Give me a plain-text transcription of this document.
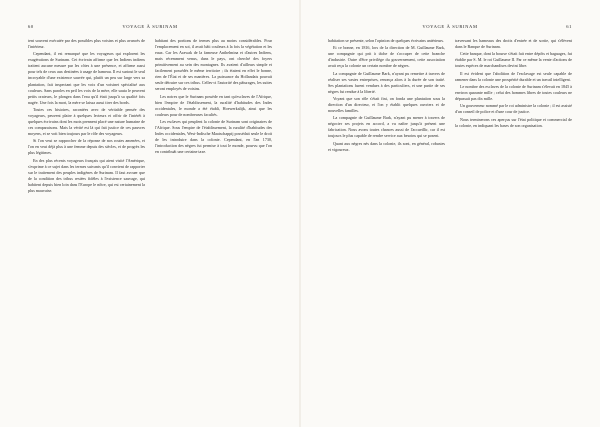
60	VOYAGE À SURINAM

tent souvent exécutée par des possibles plus voisins et plus avancés de l'intérieur.

Cependant, il est remarqué que les voyageurs qui explorent les exagérations de Surinam. Cet écrivain affirme que les Indiens indiens traitent aucune mesure par les côtes à une présence, et affirme aussi pour tels de ceux aux destinées à usage de hameau. Il est surtout le seul incroyable d'une existence sauvée qui, plutôt un peu sur large vers sa plantation, fait inspectant que les voix d'un voisinet spécialisé aux couleurs. Sans paroles en peil les voix de la mère, elle sauta le peuvent petits orateurs, le plongea dans l'eau qu'il était jusqu'à sa qualité fois nagée. Une fois la mort, la mère se laissa aussi tirer des bords.

Toutes ces histoires, racontées avec de véritable pensée des voyageurs, peuvent plaire à quelques lecteurs et offrir de l'intérêt à quelques écrivains dont les mots prennent placé une nature humaine de ces comparaisons. Mais la vérité est là qui fait justice de ces pauvres moyens, et se voit bien toujours par le rôle des voyageurs.

Si l'on veut se rapprocher de la réponse de nos routes amenées, et l'on en veut déjà plus à une femme depuis des siècles, et de progrès les plus légitimes.

En des plus récents voyageurs français qui aient visité l'Amérique, s'exprime à ce sujet dans les termes suivants qu'il convient de rapporter sur le traitement des peuples indigènes de Surinam. Il faut avouer que de la condition des tribus restées fidèles à l'existence sauvage, qui habitent depuis bien loin dans l'Europe le nôtre, qui est certainement la plus mauvaise.

habitant des portions de termes plus au moins considérables. Pour l'emplacement en soi, il avait bâti couleurs à la fois la végétation et les eaux. Car les Arawak de la fameuse Anthelmina et d'autres Indiens, mais récemment venus, dans le pays, ont cherché des foyers primitivement au sein des montagnes. Ils avaient d'ailleurs simple et facilement possédés le même territoire ; ils étaient en effet le bonne, rien de l'État et de ses manières. La puissance du Hollandais pouvait seule détruire sur ces tribus. Celles-ci l'autorité des pâturages, les suites seront employés de voisins.

Les noires que le Surinam possède en tant qu'esclaves de l'Afrique, bien l'empire de l'établissement, la ruralité d'habitudes des Indes occidentales, le monde a été établi, Hoewerkalijk, ainsi que les couleurs pour de nombreuses facultés.

Les esclaves qui peuplent la colonie de Surinam sont originaires de l'Afrique. Sous l'empire de l'établissement, la ruralité d'habitudes des Indes occidentales, West-Indische Maatschappij possédait seule le droit de les introduire dans la colonie. Cependant, en l'an 1730, l'introduction des nègres fut permise à tout le monde, pourvu que l'on en contribuât une certaine taxe.

VOYAGE À SURINAM	61

habitation se présente, selon l'opinion de quelques écrivains antérieurs.

Et ce bonne, en 1816, lors de la direction de M. Guillaume Bark, une compagnie qui prit à tâche de s'occuper de cette branche d'industrie. Outre d'être privilège du gouvernement, cette association avait reçu la colonie un certain nombre de nègres.

La compagnie de Guillaume Bark, n'ayant pu remettre à travers de réaliser ses vastes entreprises, renonça alors à la durée de son traité. Ses plantations furent vendues à des particuliers, et une partie de ses nègres fut rendue à la liberté.

Voyant que son rôle s'était fini, on fonda une plantation sous la direction d'un directeur, et l'on y établit quelques ouvriers et de nouvelles familles.

La compagnie de Guillaume Bark, n'ayant pu mener à travers de négocier ses projets en accord, a vu naître jusqu'à présent une fabrication. Nous avons toutes chances aussi de l'accueillir, car il est toujours le plus capable de rendre service aux besoins qui se posent.

Quant aux nègres nés dans la colonie, ils sont, en général, robustes et vigoureux.

traversant les hameaux des droits d'entrée et de sortie, qui s'élèvent dans le Banque de Surinam.

Cette banque, dont la bourse s'était fait entre dépôts et baguages, fut établie par S. M. le roi Guillaume II. Par ce même la vente d'actions de toutes espèces de marchandises devint libre.

Il est évident que l'abolition de l'esclavage est seule capable de ramener dans la colonie une prospérité durable et un travail intelligent.

Le nombre des esclaves de la colonie de Surinam s'élevait en 1845 à environ quarante mille ; celui des hommes libres de toutes couleurs ne dépassait pas dix mille.

Un gouverneur nommé par le roi administre la colonie ; il est assisté d'un conseil de police et d'une cour de justice.

Nous terminerons ces aperçus sur l'état politique et commercial de la colonie, en indiquant les bases de son organisation.
